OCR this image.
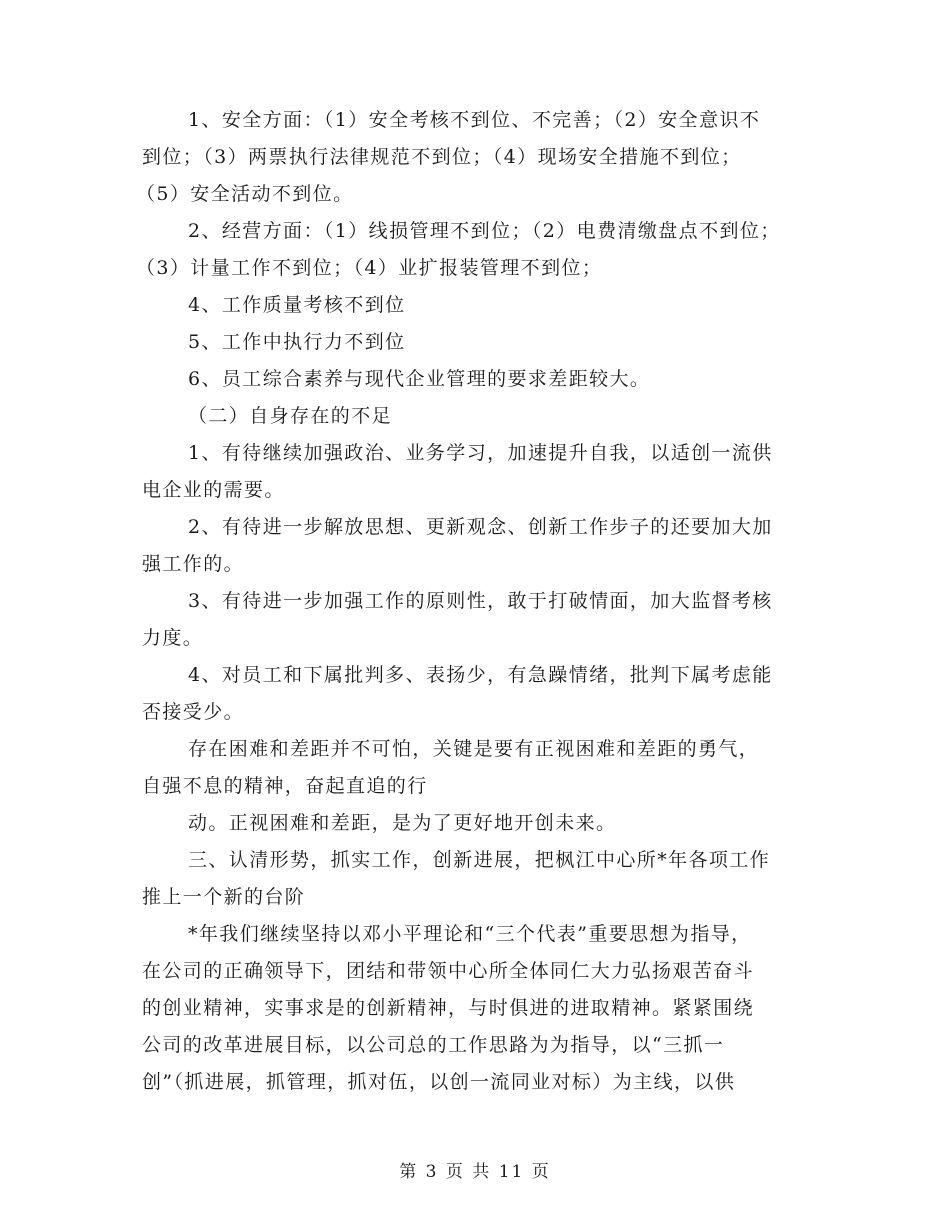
1、安全方面：（1）安全考核不到位、不完善；（2）安全意识不
到位；（3）两票执行法律规范不到位；（4）现场安全措施不到位；
（5）安全活动不到位。
2、经营方面：（1）线损管理不到位；（2）电费清缴盘点不到位；
（3）计量工作不到位；（4）业扩报装管理不到位；
4、工作质量考核不到位
5、工作中执行力不到位
6、员工综合素养与现代企业管理的要求差距较大。
（二）自身存在的不足
1、有待继续加强政治、业务学习，加速提升自我，以适创一流供
电企业的需要。
2、有待进一步解放思想、更新观念、创新工作步子的还要加大加
强工作的。
3、有待进一步加强工作的原则性，敢于打破情面，加大监督考核
力度。
4、对员工和下属批判多、表扬少，有急躁情绪，批判下属考虑能
否接受少。
存在困难和差距并不可怕，关键是要有正视困难和差距的勇气，
自强不息的精神，奋起直追的行
动。正视困难和差距，是为了更好地开创未来。
三、认清形势，抓实工作，创新进展，把枫江中心所*年各项工作
推上一个新的台阶
*年我们继续坚持以邓小平理论和“三个代表”重要思想为指导，
在公司的正确领导下，团结和带领中心所全体同仁大力弘扬艰苦奋斗
的创业精神，实事求是的创新精神，与时俱进的进取精神。紧紧围绕
公司的改革进展目标，以公司总的工作思路为为指导，以“三抓一
创”（抓进展，抓管理，抓对伍，以创一流同业对标）为主线，以供
第 3 页 共 11 页
